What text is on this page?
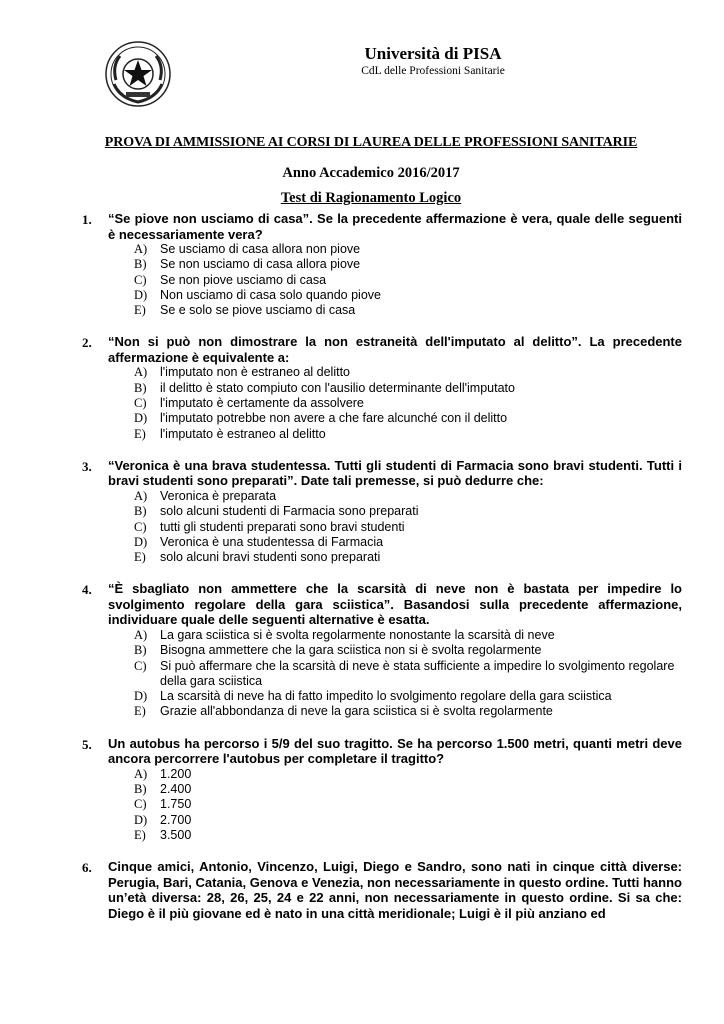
Università di PISA
CdL delle Professioni Sanitarie
PROVA DI AMMISSIONE AI CORSI DI LAUREA DELLE PROFESSIONI SANITARIE
Anno Accademico 2016/2017
Test di Ragionamento Logico
1. “Se piove non usciamo di casa”. Se la precedente affermazione è vera, quale delle seguenti è necessariamente vera?
A) Se usciamo di casa allora non piove
B) Se non usciamo di casa allora piove
C) Se non piove usciamo di casa
D) Non usciamo di casa solo quando piove
E) Se e solo se piove usciamo di casa
2. “Non si può non dimostrare la non estraneità dell'imputato al delitto”. La precedente affermazione è equivalente a:
A) l'imputato non è estraneo al delitto
B) il delitto è stato compiuto con l'ausilio determinante dell'imputato
C) l'imputato è certamente da assolvere
D) l'imputato potrebbe non avere a che fare alcunché con il delitto
E) l'imputato è estraneo al delitto
3. “Veronica è una brava studentessa. Tutti gli studenti di Farmacia sono bravi studenti. Tutti i bravi studenti sono preparati”. Date tali premesse, si può dedurre che:
A) Veronica è preparata
B) solo alcuni studenti di Farmacia sono preparati
C) tutti gli studenti preparati sono bravi studenti
D) Veronica è una studentessa di Farmacia
E) solo alcuni bravi studenti sono preparati
4. “È sbagliato non ammettere che la scarsità di neve non è bastata per impedire lo svolgimento regolare della gara sciistica”. Basandosi sulla precedente affermazione, individuare quale delle seguenti alternative è esatta.
A) La gara sciistica si è svolta regolarmente nonostante la scarsità di neve
B) Bisogna ammettere che la gara sciistica non si è svolta regolarmente
C) Si può affermare che la scarsità di neve è stata sufficiente a impedire lo svolgimento regolare della gara sciistica
D) La scarsità di neve ha di fatto impedito lo svolgimento regolare della gara sciistica
E) Grazie all'abbondanza di neve la gara sciistica si è svolta regolarmente
5. Un autobus ha percorso i 5/9 del suo tragitto. Se ha percorso 1.500 metri, quanti metri deve ancora percorrere l'autobus per completare il tragitto?
A) 1.200
B) 2.400
C) 1.750
D) 2.700
E) 3.500
6. Cinque amici, Antonio, Vincenzo, Luigi, Diego e Sandro, sono nati in cinque città diverse: Perugia, Bari, Catania, Genova e Venezia, non necessariamente in questo ordine. Tutti hanno un’età diversa: 28, 26, 25, 24 e 22 anni, non necessariamente in questo ordine. Si sa che: Diego è il più giovane ed è nato in una città meridionale; Luigi è il più anziano ed
